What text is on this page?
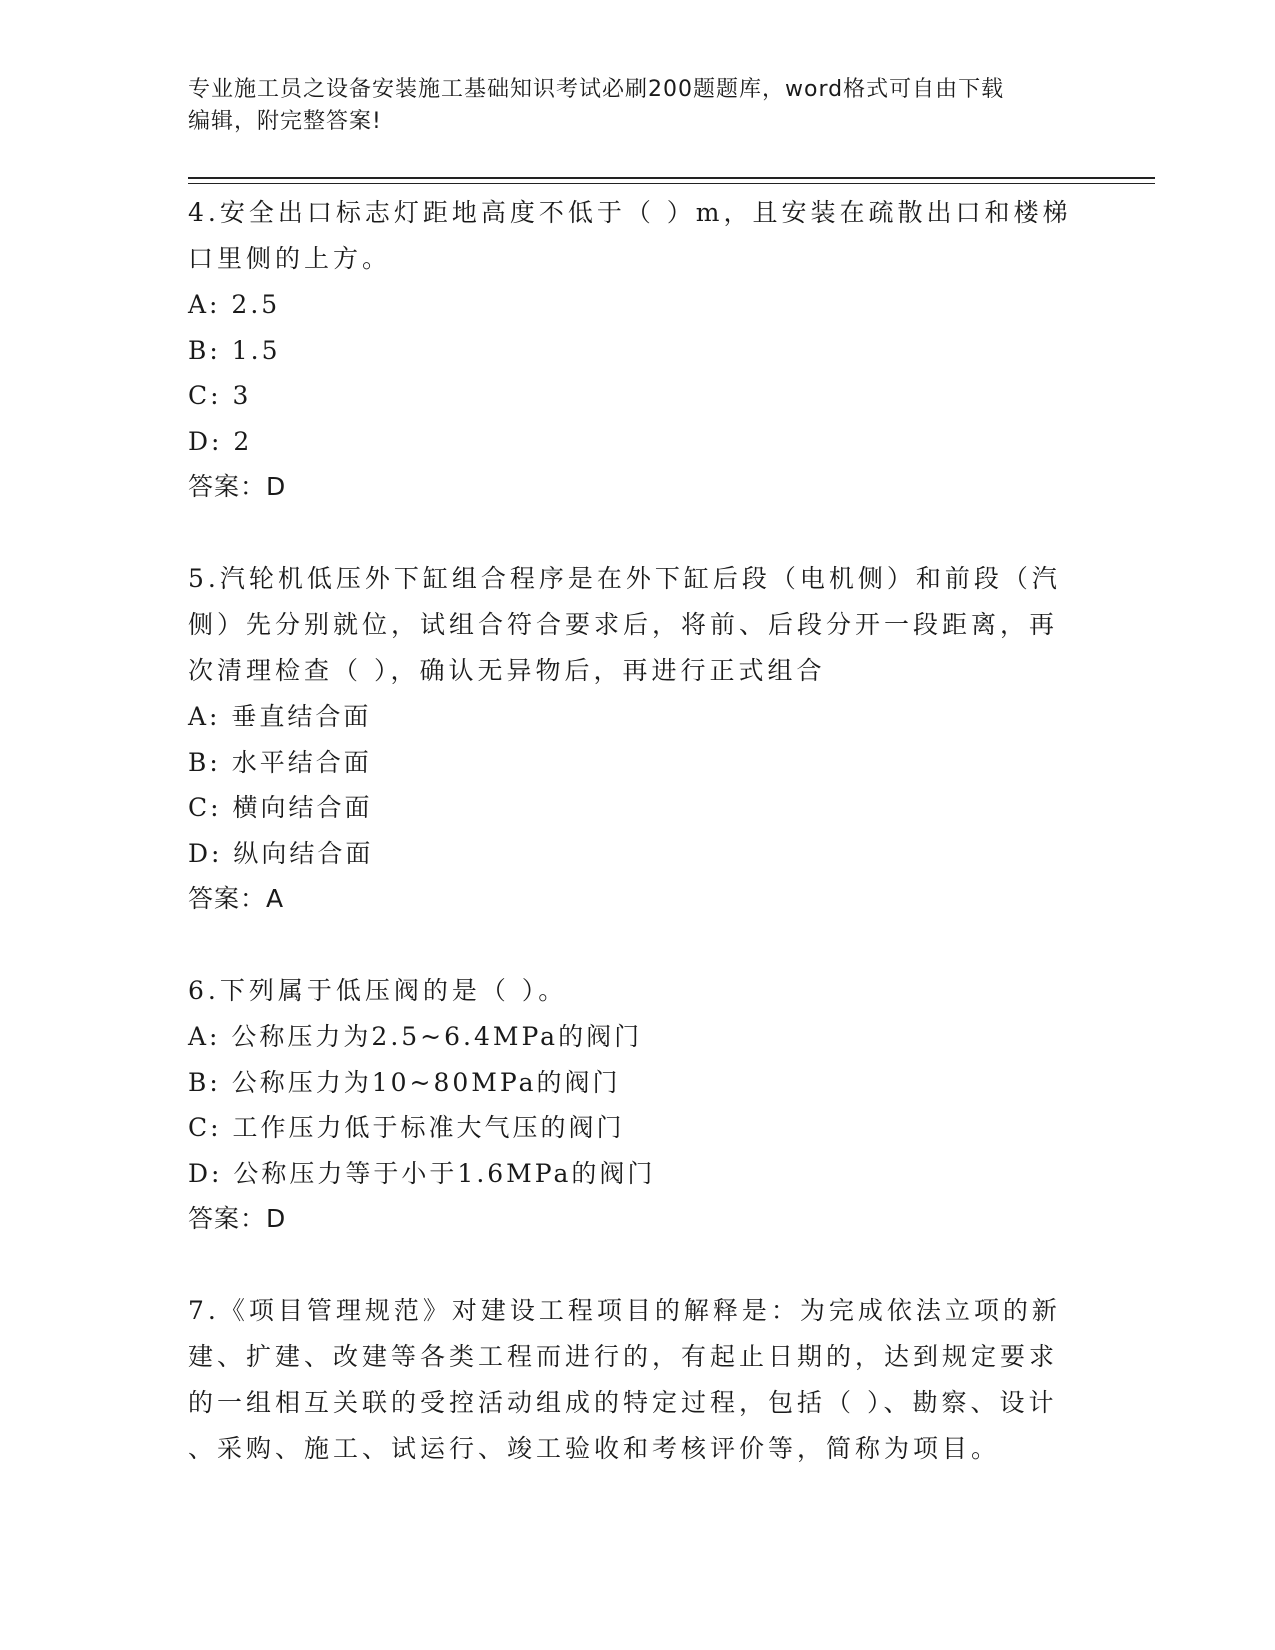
专业施工员之设备安装施工基础知识考试必刷200题题库，word格式可自由下载
编辑，附完整答案!
4.安全出口标志灯距地高度不低于（ ）m，且安装在疏散出口和楼梯
口里侧的上方。
A: 2.5
B: 1.5
C: 3
D: 2
答案：D
5.汽轮机低压外下缸组合程序是在外下缸后段（电机侧）和前段（汽
侧）先分别就位，试组合符合要求后，将前、后段分开一段距离，再
次清理检查（ ），确认无异物后，再进行正式组合
A: 垂直结合面
B: 水平结合面
C: 横向结合面
D: 纵向结合面
答案：A
6.下列属于低压阀的是（ ）。
A: 公称压力为2.5~6.4MPa的阀门
B: 公称压力为10~80MPa的阀门
C: 工作压力低于标准大气压的阀门
D: 公称压力等于小于1.6MPa的阀门
答案：D
7.《项目管理规范》对建设工程项目的解释是：为完成依法立项的新
建、扩建、改建等各类工程而进行的，有起止日期的，达到规定要求
的一组相互关联的受控活动组成的特定过程，包括（ ）、勘察、设计
、采购、施工、试运行、竣工验收和考核评价等，简称为项目。
